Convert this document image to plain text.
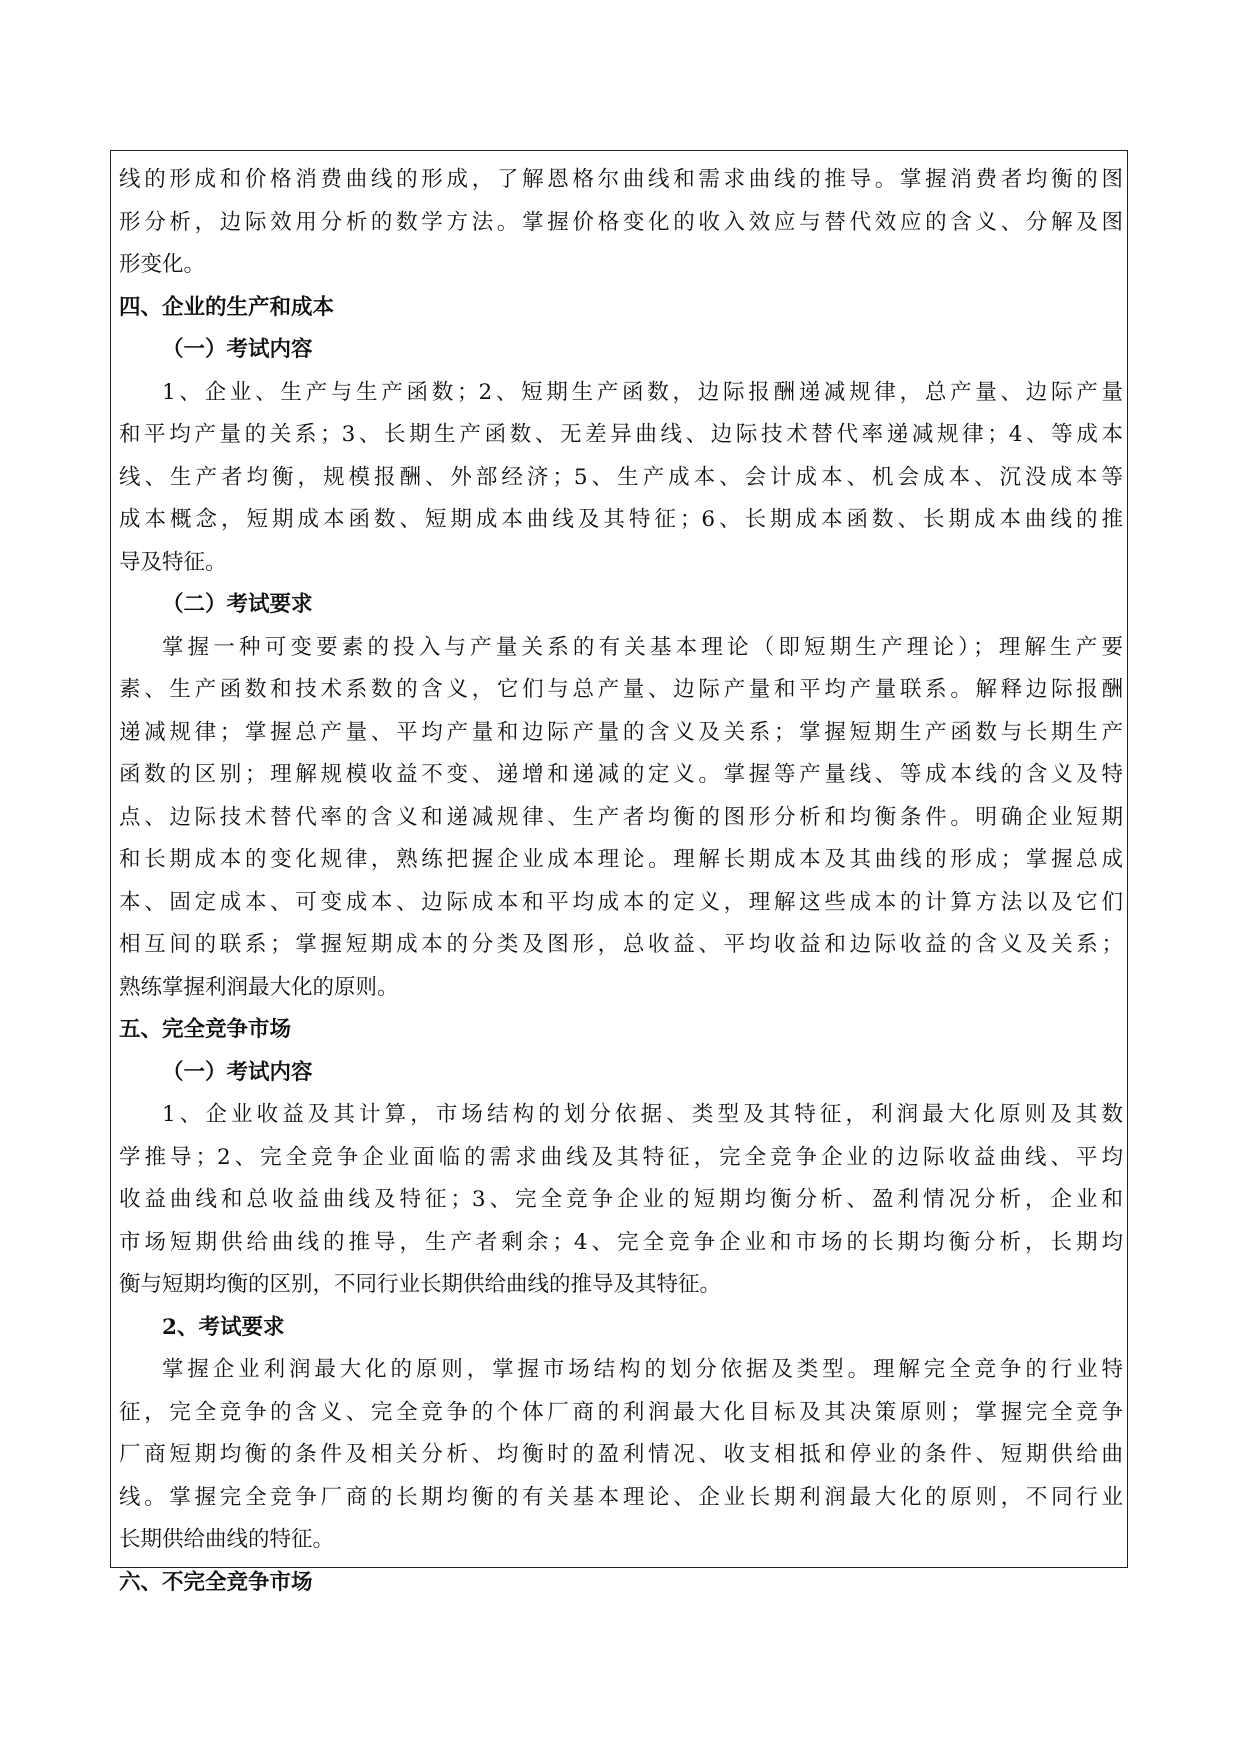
线的形成和价格消费曲线的形成，了解恩格尔曲线和需求曲线的推导。掌握消费者均衡的图
形分析，边际效用分析的数学方法。掌握价格变化的收入效应与替代效应的含义、分解及图
形变化。
四、企业的生产和成本
（一）考试内容
1、企业、生产与生产函数；2、短期生产函数，边际报酬递减规律，总产量、边际产量
和平均产量的关系；3、长期生产函数、无差异曲线、边际技术替代率递减规律；4、等成本
线、生产者均衡，规模报酬、外部经济；5、生产成本、会计成本、机会成本、沉没成本等
成本概念，短期成本函数、短期成本曲线及其特征；6、长期成本函数、长期成本曲线的推
导及特征。
（二）考试要求
掌握一种可变要素的投入与产量关系的有关基本理论（即短期生产理论）；理解生产要
素、生产函数和技术系数的含义，它们与总产量、边际产量和平均产量联系。解释边际报酬
递减规律；掌握总产量、平均产量和边际产量的含义及关系；掌握短期生产函数与长期生产
函数的区别；理解规模收益不变、递增和递减的定义。掌握等产量线、等成本线的含义及特
点、边际技术替代率的含义和递减规律、生产者均衡的图形分析和均衡条件。明确企业短期
和长期成本的变化规律，熟练把握企业成本理论。理解长期成本及其曲线的形成；掌握总成
本、固定成本、可变成本、边际成本和平均成本的定义，理解这些成本的计算方法以及它们
相互间的联系；掌握短期成本的分类及图形，总收益、平均收益和边际收益的含义及关系；
熟练掌握利润最大化的原则。
五、完全竞争市场
（一）考试内容
1、企业收益及其计算，市场结构的划分依据、类型及其特征，利润最大化原则及其数
学推导；2、完全竞争企业面临的需求曲线及其特征，完全竞争企业的边际收益曲线、平均
收益曲线和总收益曲线及特征；3、完全竞争企业的短期均衡分析、盈利情况分析，企业和
市场短期供给曲线的推导，生产者剩余；4、完全竞争企业和市场的长期均衡分析，长期均
衡与短期均衡的区别，不同行业长期供给曲线的推导及其特征。
2、考试要求
掌握企业利润最大化的原则，掌握市场结构的划分依据及类型。理解完全竞争的行业特
征，完全竞争的含义、完全竞争的个体厂商的利润最大化目标及其决策原则；掌握完全竞争
厂商短期均衡的条件及相关分析、均衡时的盈利情况、收支相抵和停业的条件、短期供给曲
线。掌握完全竞争厂商的长期均衡的有关基本理论、企业长期利润最大化的原则，不同行业
长期供给曲线的特征。
六、不完全竞争市场
